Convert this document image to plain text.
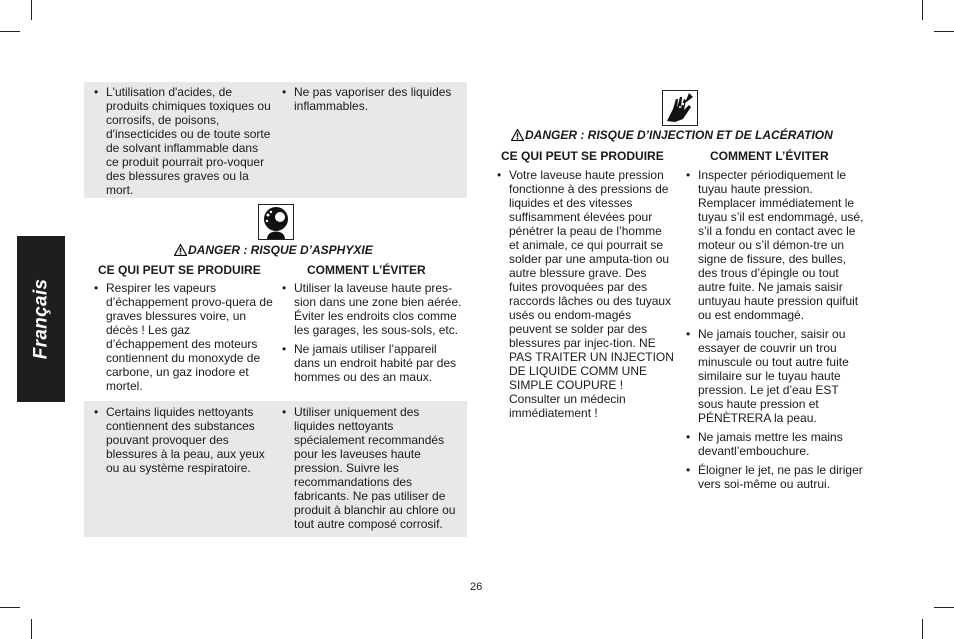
Français
• L'utilisation d'acides, de produits chimiques toxiques ou corrosifs, de poisons, d'insecticides ou de toute sorte de solvant inflammable dans ce produit pourrait pro-voquer des blessures graves ou la mort.
• Ne pas vaporiser des liquides inflammables.
DANGER : RISQUE D’ASPHYXIE
CE QUI PEUT SE PRODUIRE	COMMENT L’ÉVITER
• Respirer les vapeurs d’échappement provo-quera de graves blessures voire, un décès ! Les gaz d’échappement des moteurs contiennent du monoxyde de carbone, un gaz inodore et mortel.
• Utiliser la laveuse haute pres-sion dans une zone bien aérée. Éviter les endroits clos comme les garages, les sous-sols, etc.
• Ne jamais utiliser l’appareil dans un endroit habité par des hommes ou des an maux.
• Certains liquides nettoyants contiennent des substances pouvant provoquer des blessures à la peau, aux yeux ou au système respiratoire.
• Utiliser uniquement des liquides nettoyants spécialement recommandés pour les laveuses haute pression. Suivre les recommandations des fabricants. Ne pas utiliser de produit à blanchir au chlore ou tout autre composé corrosif.
DANGER : RISQUE D’INJECTION ET DE LACÉRATION
CE QUI PEUT SE PRODUIRE	COMMENT L’ÉVITER
• Votre laveuse haute pression fonctionne à des pressions de liquides et des vitesses suffisamment élevées pour pénétrer la peau de l’homme et animale, ce qui pourrait se solder par une amputa-tion ou autre blessure grave. Des fuites provoquées par des raccords lâches ou des tuyaux usés ou endom-magés peuvent se solder par des blessures par injec-tion. NE PAS TRAITER UN INJECTION DE LIQUIDE COMM UNE SIMPLE COUPURE ! Consulter un médecin immédiatement !
• Inspecter périodiquement le tuyau haute pression. Remplacer immédiatement le tuyau s’il est endommagé, usé, s’il a fondu en contact avec le moteur ou s’il démon-tre un signe de fissure, des bulles, des trous d’épingle ou tout autre fuite. Ne jamais saisir untuyau haute pression quifuit ou est endommagé.
• Ne jamais toucher, saisir ou essayer de couvrir un trou minuscule ou tout autre fuite similaire sur le tuyau haute pression. Le jet d’eau EST sous haute pression et PÉNÈTRERA la peau.
• Ne jamais mettre les mains devantl’embouchure.
• Éloigner le jet, ne pas le diriger vers soi-même ou autrui.
26
